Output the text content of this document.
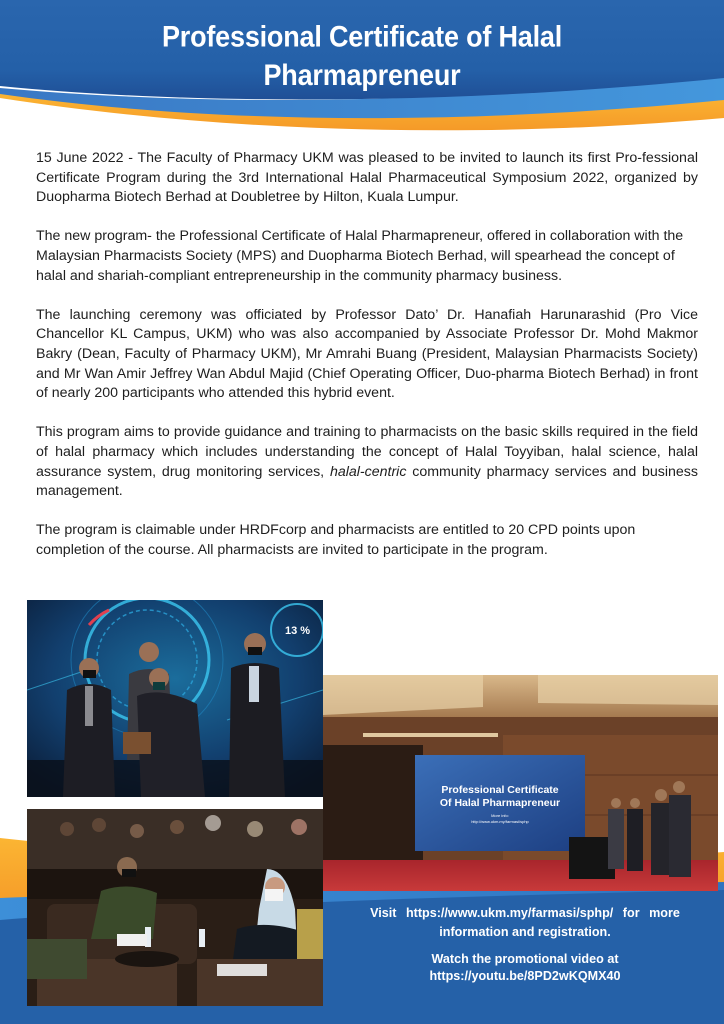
Professional Certificate of Halal
Pharmapreneur

15 June 2022 - The Faculty of Pharmacy UKM was pleased to be invited to launch its first Pro-fessional Certificate Program during the 3rd International Halal Pharmaceutical Symposium 2022, organized by Duopharma Biotech Berhad at Doubletree by Hilton, Kuala Lumpur.

The new program- the Professional Certificate of Halal Pharmapreneur, offered in collaboration with the Malaysian Pharmacists Society (MPS) and Duopharma Biotech Berhad, will spearhead the concept of halal and shariah-compliant entrepreneurship in the community pharmacy business.

The launching ceremony was officiated by Professor Dato’ Dr. Hanafiah Harunarashid (Pro Vice Chancellor KL Campus, UKM) who was also accompanied by Associate Professor Dr. Mohd Makmor Bakry (Dean, Faculty of Pharmacy UKM), Mr Amrahi Buang (President, Malaysian Pharmacists Society) and Mr Wan Amir Jeffrey Wan Abdul Majid (Chief Operating Officer, Duo-pharma Biotech Berhad) in front of nearly 200 participants who attended this hybrid event.

This program aims to provide guidance and training to pharmacists on the basic skills required in the field of halal pharmacy which includes understanding the concept of Halal Toyyiban, halal science, halal assurance system, drug monitoring services, halal-centric community pharmacy services and business management.

The program is claimable under HRDFcorp and pharmacists are entitled to 20 CPD points upon completion of the course. All pharmacists are invited to participate in the program.

13 %
Professional Certificate
Of Halal Pharmapreneur
More info:
http://www.ukm.my/farmasi/sphp
Visit https://www.ukm.my/farmasi/sphp/ for more
information and registration.
Watch the promotional video at
https://youtu.be/8PD2wKQMX40
